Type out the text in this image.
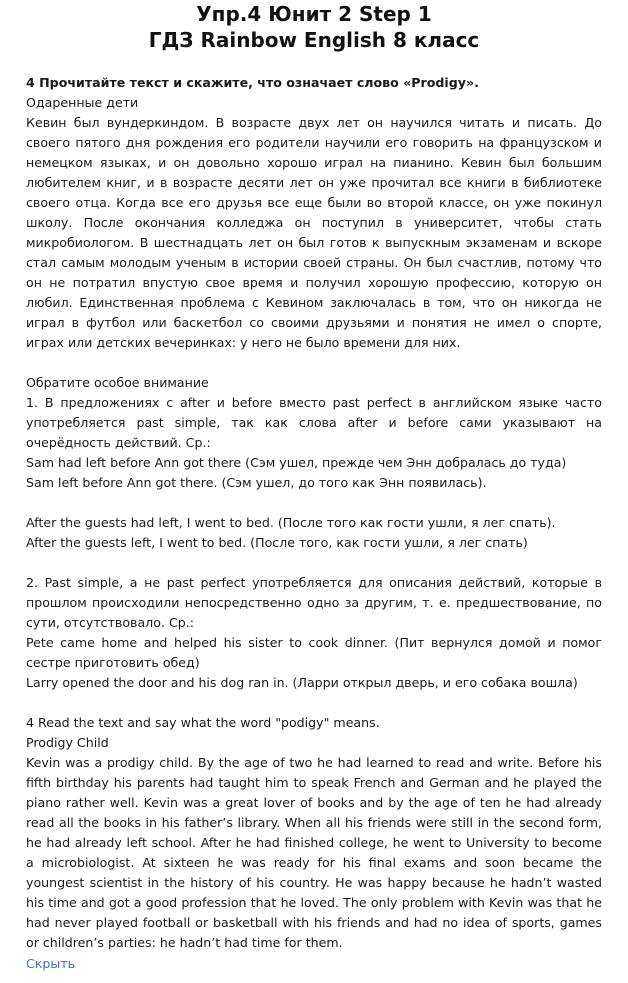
Упр.4 Юнит 2 Step 1
ГДЗ Rainbow English 8 класс

4 Прочитайте текст и скажите, что означает слово «Prodigy».

Одаренные дети

Кевин был вундеркиндом. В возрасте двух лет он научился читать и писать. До своего пятого дня рождения его родители научили его говорить на французском и немецком языках, и он довольно хорошо играл на пианино. Кевин был большим любителем книг, и в возрасте десяти лет он уже прочитал все книги в библиотеке своего отца. Когда все его друзья все еще были во второй классе, он уже покинул школу. После окончания колледжа он поступил в университет, чтобы стать микробиологом. В шестнадцать лет он был готов к выпускным экзаменам и вскоре стал самым молодым ученым в истории своей страны. Он был счастлив, потому что он не потратил впустую свое время и получил хорошую профессию, которую он любил. Единственная проблема с Кевином заключалась в том, что он никогда не играл в футбол или баскетбол со своими друзьями и понятия не имел о спорте, играх или детских вечеринках: у него не было времени для них.

Обратите особое внимание

1. В предложениях с after и before вместо past perfect в английском языке часто употребляется past simple, так как слова after и before сами указывают на очерёдность действий. Ср.:

Sam had left before Ann got there (Сэм ушел, прежде чем Энн добралась до туда)

Sam left before Ann got there. (Сэм ушел, до того как Энн появилась).

After the guests had left, I went to bed. (После того как гости ушли, я лег спать).

After the guests left, I went to bed. (После того, как гости ушли, я лег спать)

2. Past simple, а не past perfect употребляется для описания действий, которые в прошлом происходили непосредственно одно за другим, т. е. предшествование, по сути, отсутствовало. Ср.:

Pete came home and helped his sister to cook dinner. (Пит вернулся домой и помог сестре приготовить обед)

Larry opened the door and his dog ran in. (Ларри открыл дверь, и его собака вошла)

4 Read the text and say what the word "podigy" means.

Prodigy Child

Kevin was a prodigy child. By the age of two he had learned to read and write. Before his fifth birthday his parents had taught him to speak French and German and he played the piano rather well. Kevin was a great lover of books and by the age of ten he had already read all the books in his father’s library. When all his friends were still in the second form, he had already left school. After he had finished college, he went to University to become a microbiologist. At sixteen he was ready for his final exams and soon became the youngest scientist in the history of his country. He was happy because he hadn’t wasted his time and got a good profession that he loved. The only problem with Kevin was that he had never played football or basketball with his friends and had no idea of sports, games or children’s parties: he hadn’t had time for them.

Скрыть
